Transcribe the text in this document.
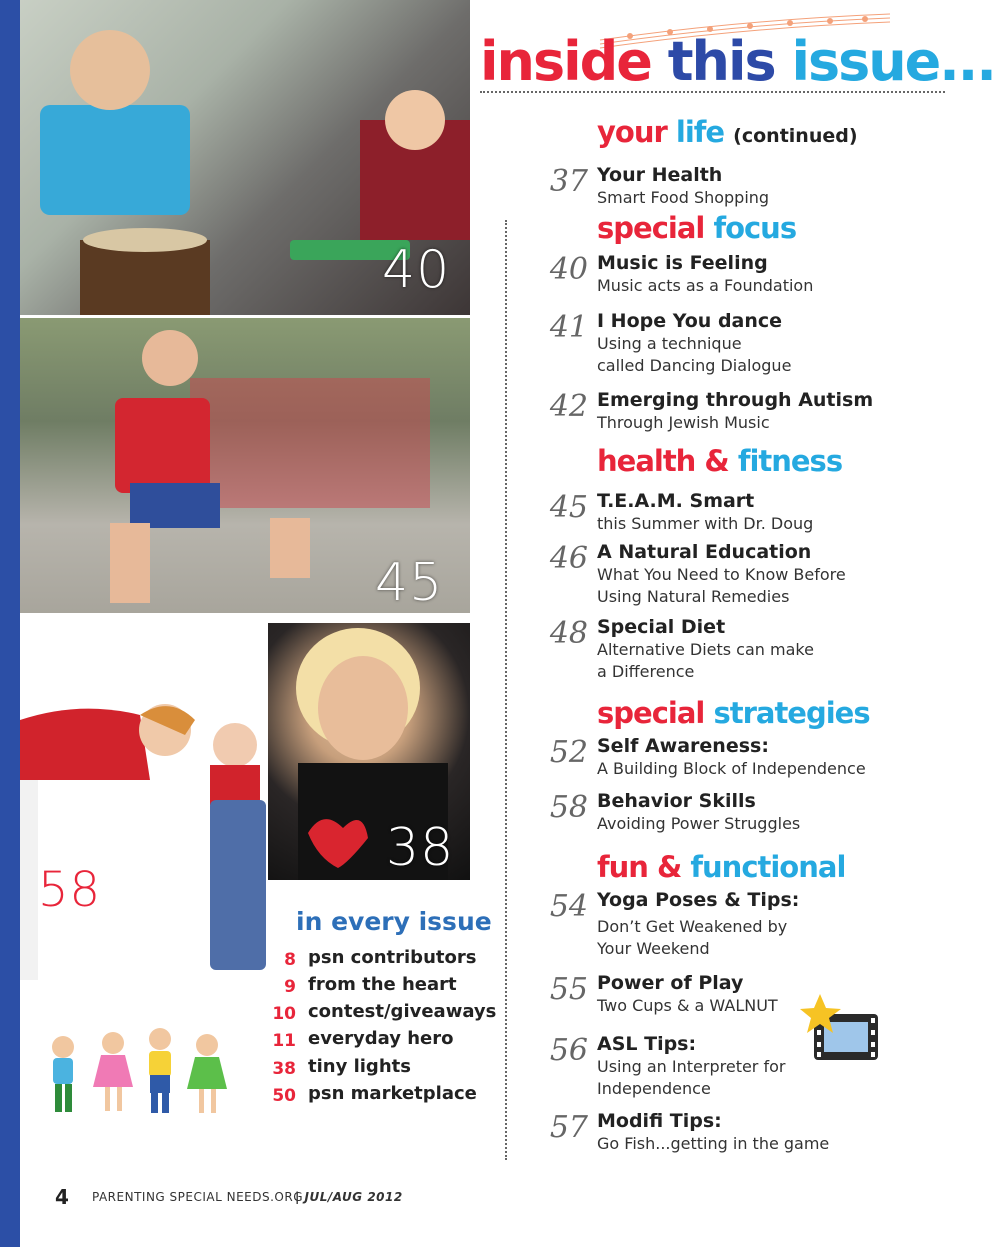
40
45
58
38
inside this issue...
your life (continued)
special focus
health & fitness
special strategies
fun & functional
37 Your Health
Smart Food Shopping
40 Music is Feeling
Music acts as a Foundation
41 I Hope You dance
Using a technique
called Dancing Dialogue
42 Emerging through Autism
Through Jewish Music
45 T.E.A.M. Smart
this Summer with Dr. Doug
46 A Natural Education
What You Need to Know Before
Using Natural Remedies
48 Special Diet
Alternative Diets can make
a Difference
52 Self Awareness:
A Building Block of Independence
58 Behavior Skills
Avoiding Power Struggles
54 Yoga Poses & Tips:
Don’t Get Weakened by
Your Weekend
55 Power of Play
Two Cups & a WALNUT
56 ASL Tips:
Using an Interpreter for
Independence
57 Modifi Tips:
Go Fish...getting in the game
in every issue
8 psn contributors
9 from the heart
10 contest/giveaways
11 everyday hero
38 tiny lights
50 psn marketplace
4 PARENTING SPECIAL NEEDS.ORG
| JUL/AUG 2012
